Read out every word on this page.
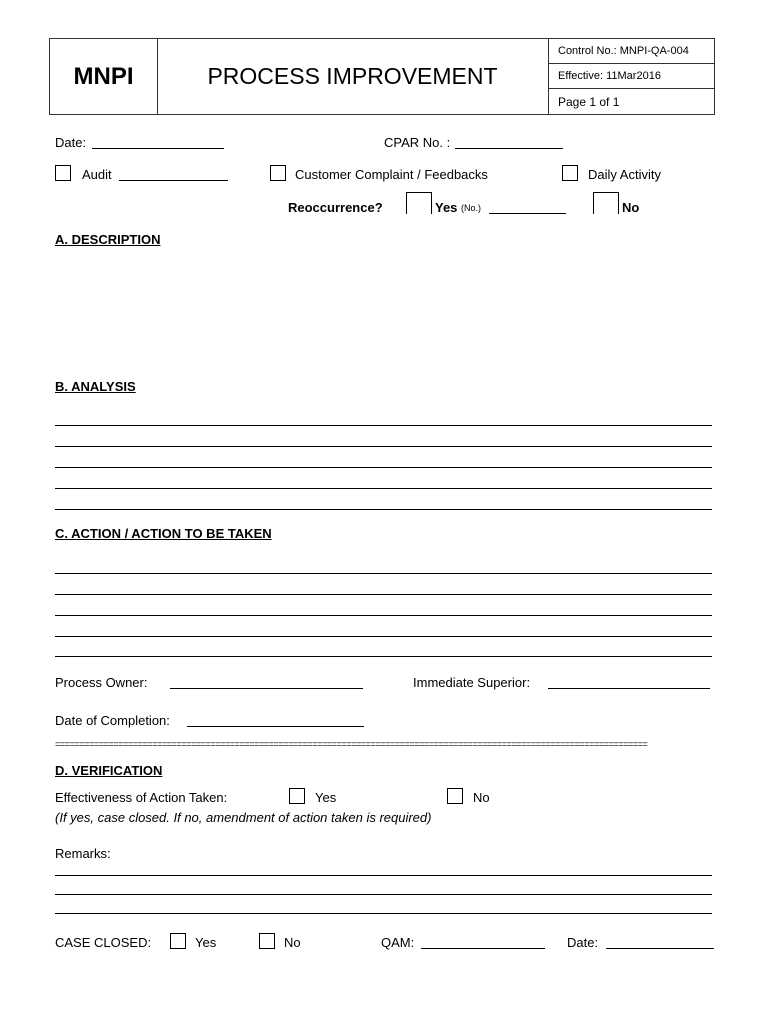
MNPI	PROCESS IMPROVEMENT
Control No.: MNPI-QA-004
Effective: 11Mar2016
Page 1 of 1
Date:	CPAR No. :
Audit	Customer Complaint / Feedbacks	Daily Activity
Reoccurrence?	Yes (No.)	No
A. DESCRIPTION
B. ANALYSIS
C. ACTION / ACTION TO BE TAKEN
Process Owner:	Immediate Superior:
Date of Completion:
==========================================================================================================================
D. VERIFICATION
Effectiveness of Action Taken:	Yes	No
(If yes, case closed. If no, amendment of action taken is required)
Remarks:
CASE CLOSED:	Yes	No	QAM:	Date:
